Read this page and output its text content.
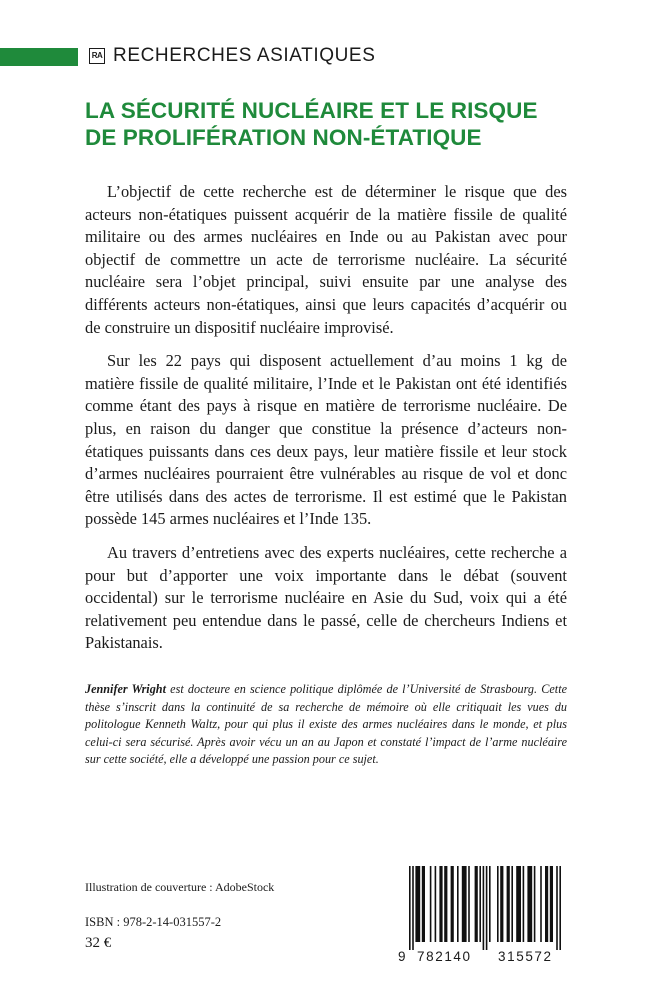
RA RECHERCHES ASIATIQUES
LA SÉCURITÉ NUCLÉAIRE ET LE RISQUE
DE PROLIFÉRATION NON-ÉTATIQUE

L’objectif de cette recherche est de déterminer le risque que des acteurs non-étatiques puissent acquérir de la matière fissile de qualité militaire ou des armes nucléaires en Inde ou au Pakistan avec pour objectif de commettre un acte de terrorisme nucléaire. La sécurité nucléaire sera l’objet principal, suivi ensuite par une analyse des différents acteurs non-étatiques, ainsi que leurs capacités d’acquérir ou de construire un dispositif nucléaire improvisé.

Sur les 22 pays qui disposent actuellement d’au moins 1 kg de matière fissile de qualité militaire, l’Inde et le Pakistan ont été identifiés comme étant des pays à risque en matière de terrorisme nucléaire. De plus, en raison du danger que constitue la présence d’acteurs non-étatiques puissants dans ces deux pays, leur matière fissile et leur stock d’armes nucléaires pourraient être vulnérables au risque de vol et donc être utilisés dans des actes de terrorisme. Il est estimé que le Pakistan possède 145 armes nucléaires et l’Inde 135.

Au travers d’entretiens avec des experts nucléaires, cette recherche a pour but d’apporter une voix importante dans le débat (souvent occidental) sur le terrorisme nucléaire en Asie du Sud, voix qui a été relativement peu entendue dans le passé, celle de chercheurs Indiens et Pakistanais.

Jennifer Wright est docteure en science politique diplômée de l’Université de Strasbourg. Cette thèse s’inscrit dans la continuité de sa recherche de mémoire où elle critiquait les vues du politologue Kenneth Waltz, pour qui plus il existe des armes nucléaires dans le monde, et plus celui-ci sera sécurisé. Après avoir vécu un an au Japon et constaté l’impact de l’arme nucléaire sur cette société, elle a développé une passion pour ce sujet.

Illustration de couverture : AdobeStock
ISBN : 978-2-14-031557-2
32 €
9 782140 315572
